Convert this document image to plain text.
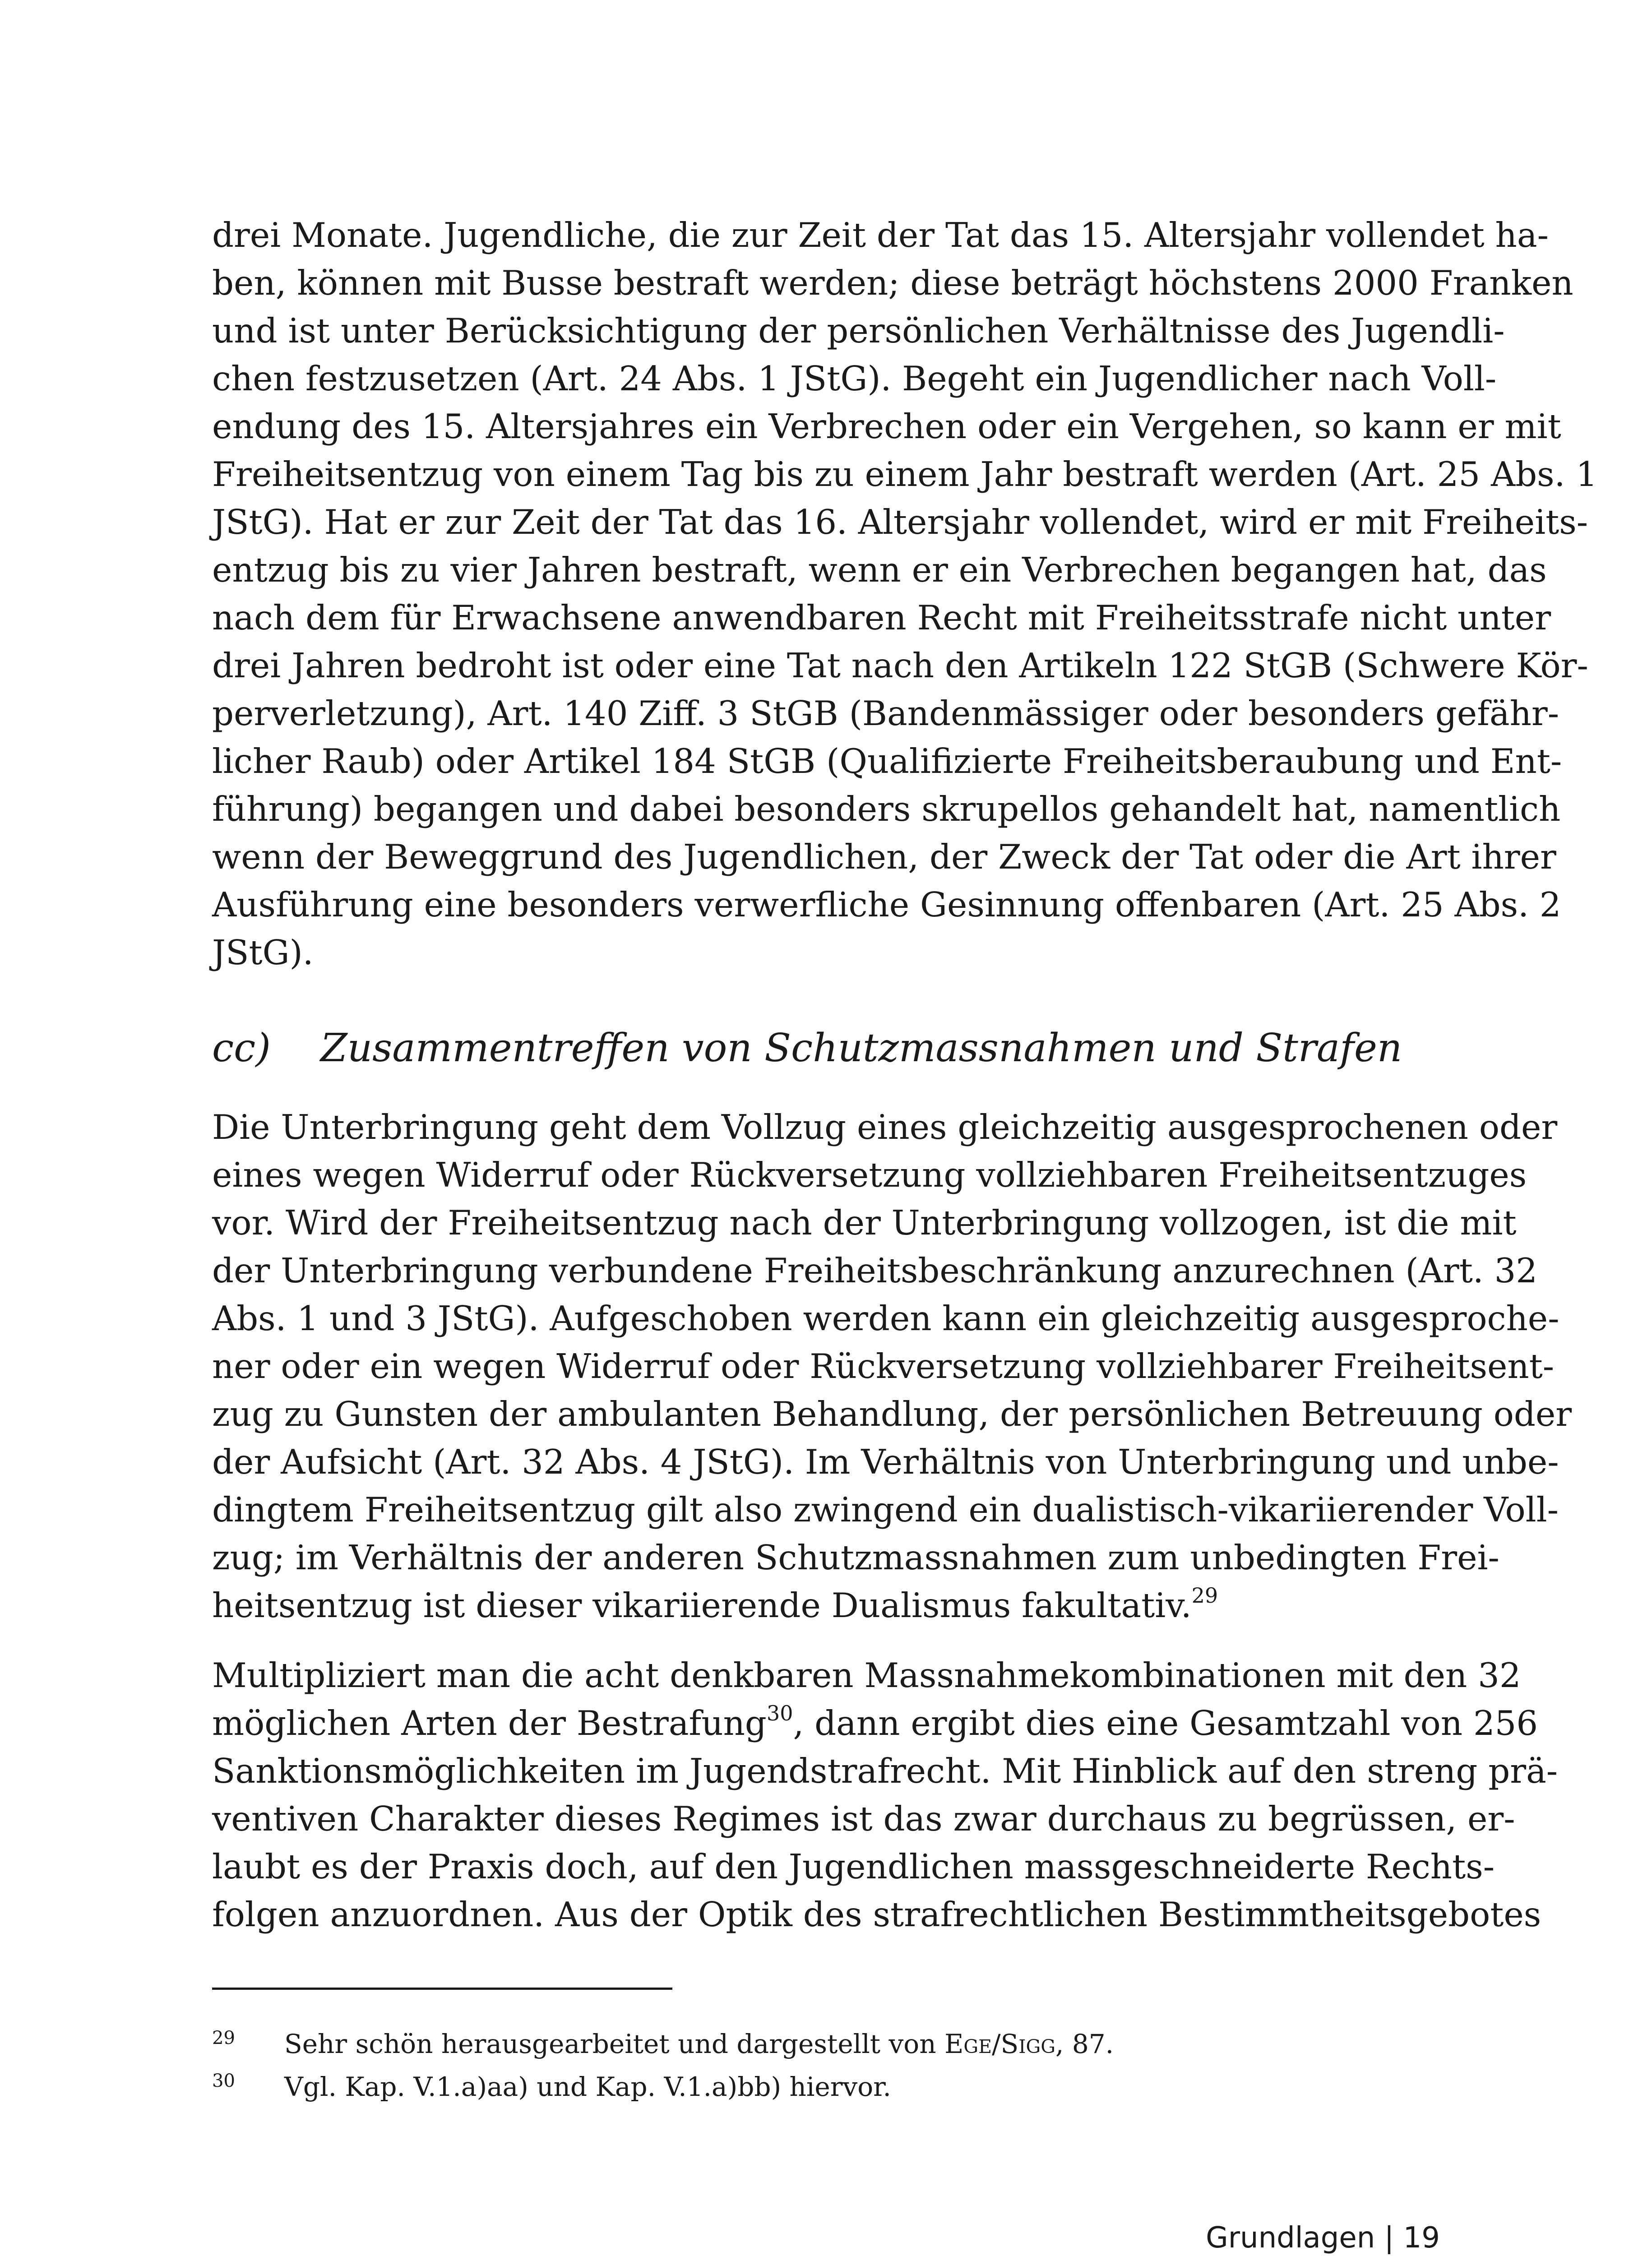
drei Monate. Jugendliche, die zur Zeit der Tat das 15. Altersjahr vollendet ha-
ben, können mit Busse bestraft werden; diese beträgt höchstens 2000 Franken
und ist unter Berücksichtigung der persönlichen Verhältnisse des Jugendli-
chen festzusetzen (Art. 24 Abs. 1 JStG). Begeht ein Jugendlicher nach Voll-
endung des 15. Altersjahres ein Verbrechen oder ein Vergehen, so kann er mit
Freiheitsentzug von einem Tag bis zu einem Jahr bestraft werden (Art. 25 Abs. 1
JStG). Hat er zur Zeit der Tat das 16. Altersjahr vollendet, wird er mit Freiheits-
entzug bis zu vier Jahren bestraft, wenn er ein Verbrechen begangen hat, das
nach dem für Erwachsene anwendbaren Recht mit Freiheitsstrafe nicht unter
drei Jahren bedroht ist oder eine Tat nach den Artikeln 122 StGB (Schwere Kör-
perverletzung), Art. 140 Ziff. 3 StGB (Bandenmässiger oder besonders gefähr-
licher Raub) oder Artikel 184 StGB (Qualifizierte Freiheitsberaubung und Ent-
führung) begangen und dabei besonders skrupellos gehandelt hat, namentlich
wenn der Beweggrund des Jugendlichen, der Zweck der Tat oder die Art ihrer
Ausführung eine besonders verwerfliche Gesinnung offenbaren (Art. 25 Abs. 2
JStG).
cc) Zusammentreffen von Schutzmassnahmen und Strafen
Die Unterbringung geht dem Vollzug eines gleichzeitig ausgesprochenen oder
eines wegen Widerruf oder Rückversetzung vollziehbaren Freiheitsentzuges
vor. Wird der Freiheitsentzug nach der Unterbringung vollzogen, ist die mit
der Unterbringung verbundene Freiheitsbeschränkung anzurechnen (Art. 32
Abs. 1 und 3 JStG). Aufgeschoben werden kann ein gleichzeitig ausgesproche-
ner oder ein wegen Widerruf oder Rückversetzung vollziehbarer Freiheitsent-
zug zu Gunsten der ambulanten Behandlung, der persönlichen Betreuung oder
der Aufsicht (Art. 32 Abs. 4 JStG). Im Verhältnis von Unterbringung und unbe-
dingtem Freiheitsentzug gilt also zwingend ein dualistisch-vikariierender Voll-
zug; im Verhältnis der anderen Schutzmassnahmen zum unbedingten Frei-
heitsentzug ist dieser vikariierende Dualismus fakultativ.$^{29}$
Multipliziert man die acht denkbaren Massnahmekombinationen mit den 32
möglichen Arten der Bestrafung$^{30}$, dann ergibt dies eine Gesamtzahl von 256
Sanktionsmöglichkeiten im Jugendstrafrecht. Mit Hinblick auf den streng prä-
ventiven Charakter dieses Regimes ist das zwar durchaus zu begrüssen, er-
laubt es der Praxis doch, auf den Jugendlichen massgeschneiderte Rechts-
folgen anzuordnen. Aus der Optik des strafrechtlichen Bestimmtheitsgebotes
29 Sehr schön herausgearbeitet und dargestellt von Ege/Sigg, 87.
30 Vgl. Kap. V.1.a)aa) und Kap. V.1.a)bb) hiervor.
Grundlagen | 19
